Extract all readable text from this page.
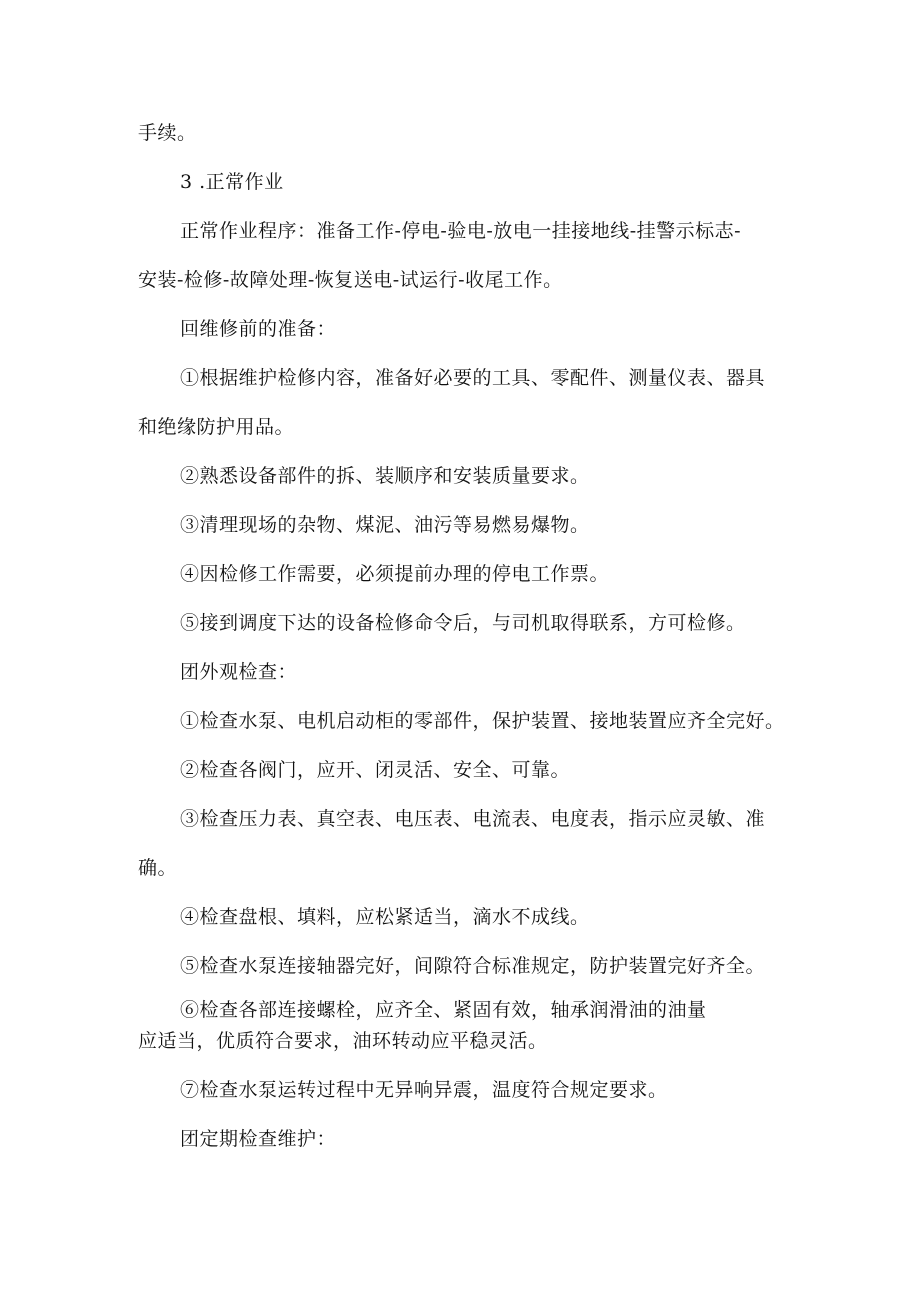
手续。
3 .正常作业
正常作业程序：准备工作-停电-验电-放电一挂接地线-挂警示标志-
安装-检修-故障处理-恢复送电-试运行-收尾工作。
回维修前的准备：
①根据维护检修内容，准备好必要的工具、零配件、测量仪表、器具
和绝缘防护用品。
②熟悉设备部件的拆、装顺序和安装质量要求。
③清理现场的杂物、煤泥、油污等易燃易爆物。
④因检修工作需要，必须提前办理的停电工作票。
⑤接到调度下达的设备检修命令后，与司机取得联系，方可检修。
团外观检查：
①检查水泵、电机启动柜的零部件，保护装置、接地装置应齐全完好。
②检查各阀门，应开、闭灵活、安全、可靠。
③检查压力表、真空表、电压表、电流表、电度表，指示应灵敏、准
确。
④检查盘根、填料，应松紧适当，滴水不成线。
⑤检查水泵连接轴器完好，间隙符合标准规定，防护装置完好齐全。
⑥检查各部连接螺栓，应齐全、紧固有效，轴承润滑油的油量
应适当，优质符合要求，油环转动应平稳灵活。
⑦检查水泵运转过程中无异响异震，温度符合规定要求。
团定期检查维护：
